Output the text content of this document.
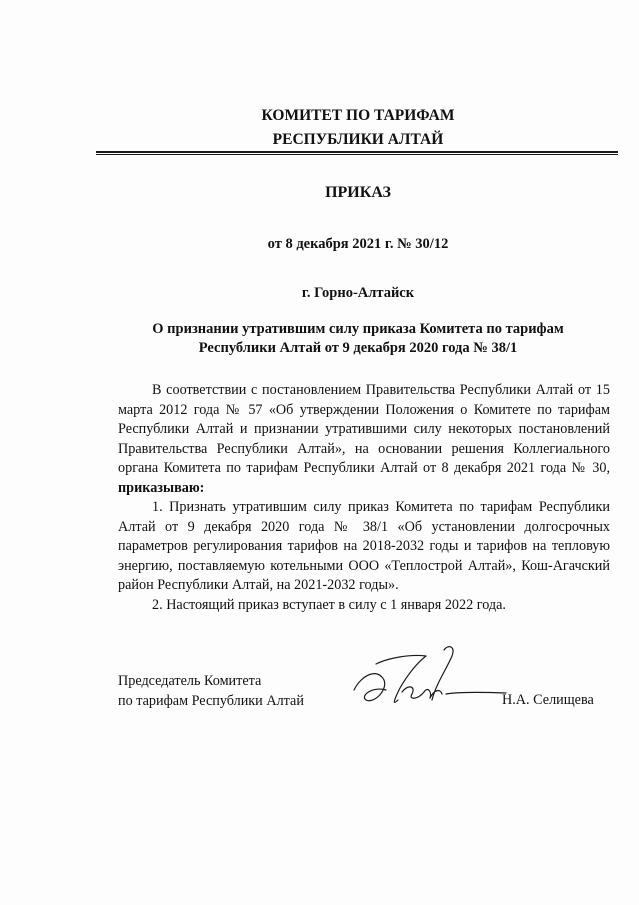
КОМИТЕТ ПО ТАРИФАМ
РЕСПУБЛИКИ АЛТАЙ
ПРИКАЗ
от 8 декабря 2021 г. № 30/12
г. Горно-Алтайск
О признании утратившим силу приказа Комитета по тарифам
Республики Алтай от 9 декабря 2020 года № 38/1

В соответствии с постановлением Правительства Республики Алтай от 15 марта 2012 года № 57 «Об утверждении Положения о Комитете по тарифам Республики Алтай и признании утратившими силу некоторых постановлений Правительства Республики Алтай», на основании решения Коллегиального органа Комитета по тарифам Республики Алтай от 8 декабря 2021 года № 30, приказываю:

1. Признать утратившим силу приказ Комитета по тарифам Республики Алтай от 9 декабря 2020 года № 38/1 «Об установлении долгосрочных параметров регулирования тарифов на 2018-2032 годы и тарифов на тепловую энергию, поставляемую котельными ООО «Теплострой Алтай», Кош-Агачский район Республики Алтай, на 2021-2032 годы».

2. Настоящий приказ вступает в силу с 1 января 2022 года.

Председатель Комитета
по тарифам Республики Алтай	Н.А. Селищева
